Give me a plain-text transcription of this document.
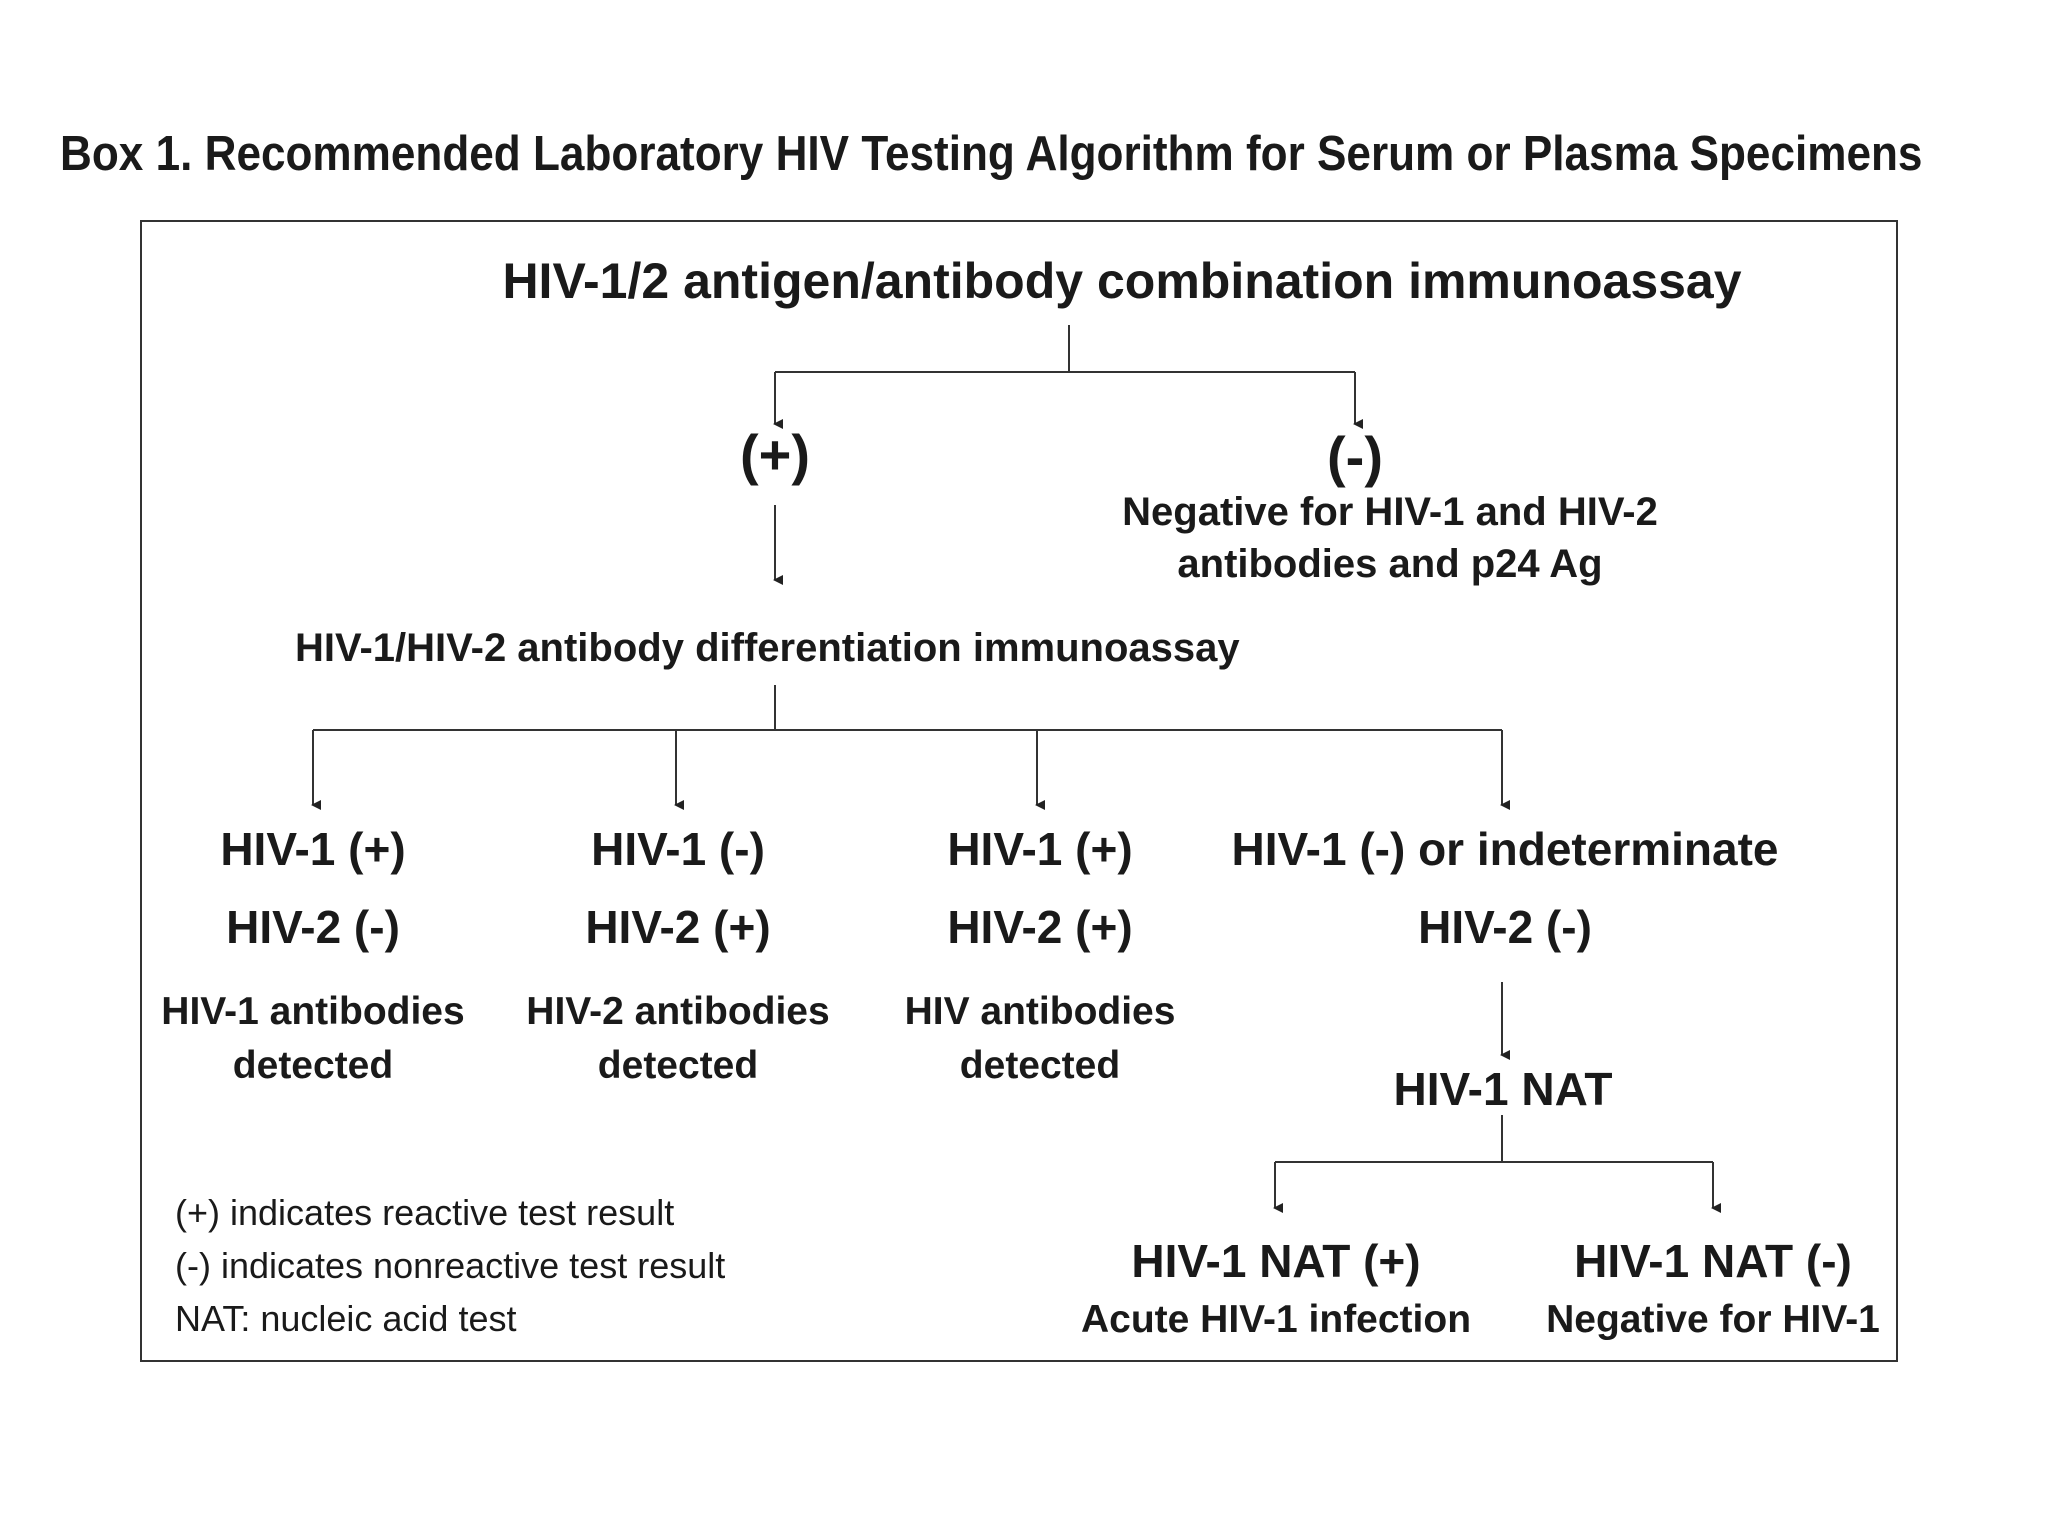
Box 1. Recommended Laboratory HIV Testing Algorithm for Serum or Plasma Specimens
HIV-1/2 antigen/antibody combination immunoassay
(+)	(-)
Negative for HIV-1 and HIV-2
antibodies and p24 Ag
HIV-1/HIV-2 antibody differentiation immunoassay
HIV-1 (+)
HIV-2 (-)
HIV-1 antibodies
detected
HIV-1 (-)
HIV-2 (+)
HIV-2 antibodies
detected
HIV-1 (+)
HIV-2 (+)
HIV antibodies
detected
HIV-1 (-) or indeterminate
HIV-2 (-)
HIV-1 NAT
HIV-1 NAT (+)
Acute HIV-1 infection
HIV-1 NAT (-)
Negative for HIV-1
(+) indicates reactive test result
(-) indicates nonreactive test result
NAT: nucleic acid test
